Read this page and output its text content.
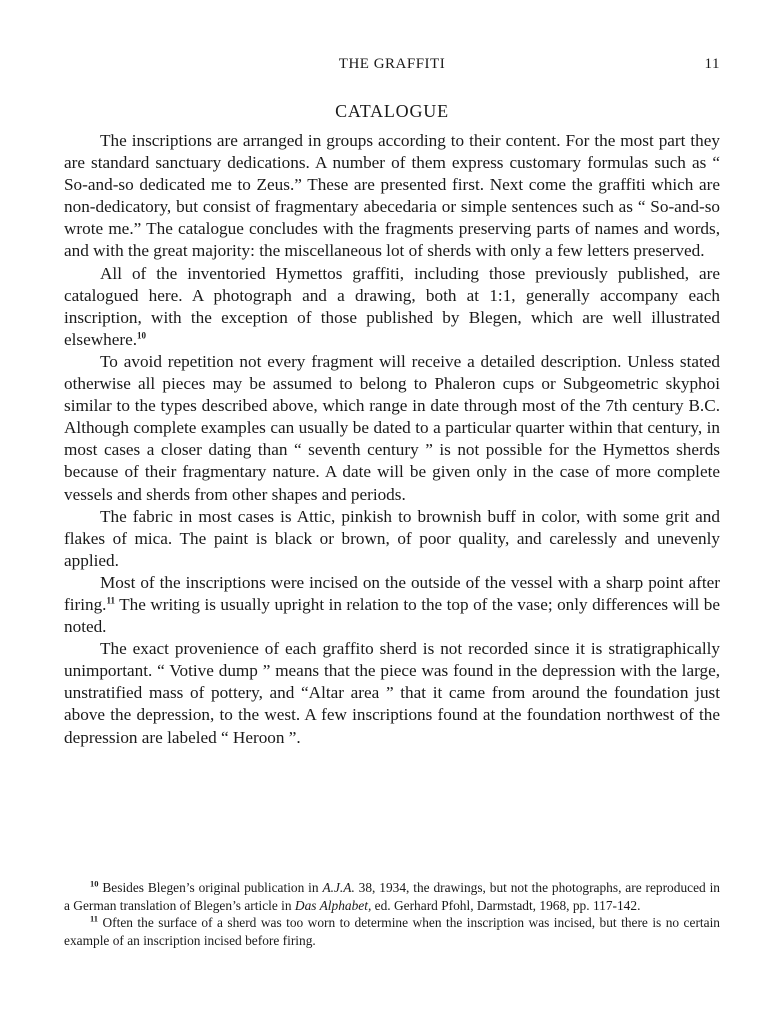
THE GRAFFITI	11
CATALOGUE

The inscriptions are arranged in groups according to their content. For the most part they are standard sanctuary dedications. A number of them express customary formulas such as “ So-and-so dedicated me to Zeus.” These are presented first. Next come the graffiti which are non-dedicatory, but consist of fragmentary abecedaria or simple sentences such as “ So-and-so wrote me.” The catalogue concludes with the fragments preserving parts of names and words, and with the great majority: the miscellaneous lot of sherds with only a few letters preserved.

All of the inventoried Hymettos graffiti, including those previously published, are catalogued here. A photograph and a drawing, both at 1:1, generally accompany each inscription, with the exception of those published by Blegen, which are well illustrated elsewhere.$^{10}$

To avoid repetition not every fragment will receive a detailed description. Unless stated otherwise all pieces may be assumed to belong to Phaleron cups or Subgeometric skyphoi similar to the types described above, which range in date through most of the 7th century B.C. Although complete examples can usually be dated to a particular quarter within that century, in most cases a closer dating than “ seventh century ” is not possible for the Hymettos sherds because of their fragmentary nature. A date will be given only in the case of more complete vessels and sherds from other shapes and periods.

The fabric in most cases is Attic, pinkish to brownish buff in color, with some grit and flakes of mica. The paint is black or brown, of poor quality, and carelessly and unevenly applied.

Most of the inscriptions were incised on the outside of the vessel with a sharp point after firing.$^{11}$ The writing is usually upright in relation to the top of the vase; only differences will be noted.

The exact provenience of each graffito sherd is not recorded since it is stratigraphically unimportant. “ Votive dump ” means that the piece was found in the depression with the large, unstratified mass of pottery, and “Altar area ” that it came from around the foundation just above the depression, to the west. A few inscriptions found at the foundation northwest of the depression are labeled “ Heroon ”.

$^{10}$ Besides Blegen’s original publication in A.J.A. 38, 1934, the drawings, but not the photographs, are reproduced in a German translation of Blegen’s article in Das Alphabet, ed. Gerhard Pfohl, Darmstadt, 1968, pp. 117-142.

$^{11}$ Often the surface of a sherd was too worn to determine when the inscription was incised, but there is no certain example of an inscription incised before firing.
